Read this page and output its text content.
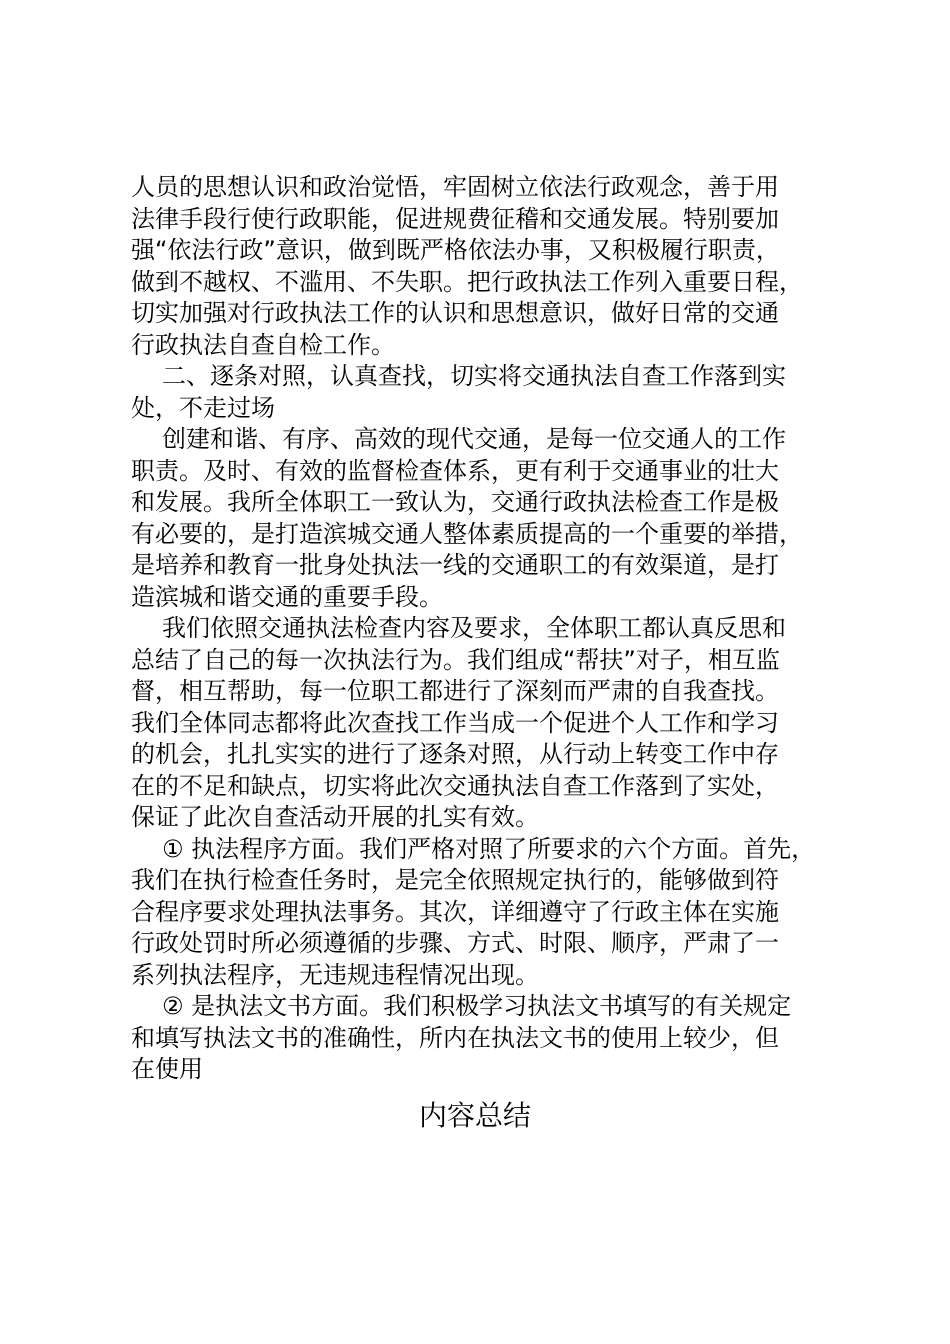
人员的思想认识和政治觉悟，牢固树立依法行政观念，善于用

法律手段行使行政职能，促进规费征稽和交通发展。特别要加

强“依法行政”意识，做到既严格依法办事，又积极履行职责，

做到不越权、不滥用、不失职。把行政执法工作列入重要日程，

切实加强对行政执法工作的认识和思想意识，做好日常的交通

行政执法自查自检工作。

二、逐条对照，认真查找，切实将交通执法自查工作落到实

处，不走过场

创建和谐、有序、高效的现代交通，是每一位交通人的工作

职责。及时、有效的监督检查体系，更有利于交通事业的壮大

和发展。我所全体职工一致认为，交通行政执法检查工作是极

有必要的，是打造滨城交通人整体素质提高的一个重要的举措，

是培养和教育一批身处执法一线的交通职工的有效渠道，是打

造滨城和谐交通的重要手段。

我们依照交通执法检查内容及要求，全体职工都认真反思和

总结了自己的每一次执法行为。我们组成“帮扶”对子，相互监

督，相互帮助，每一位职工都进行了深刻而严肃的自我查找。

我们全体同志都将此次查找工作当成一个促进个人工作和学习

的机会，扎扎实实的进行了逐条对照，从行动上转变工作中存

在的不足和缺点，切实将此次交通执法自查工作落到了实处，

保证了此次自查活动开展的扎实有效。

① 执法程序方面。我们严格对照了所要求的六个方面。首先，

我们在执行检查任务时，是完全依照规定执行的，能够做到符

合程序要求处理执法事务。其次，详细遵守了行政主体在实施

行政处罚时所必须遵循的步骤、方式、时限、顺序，严肃了一

系列执法程序，无违规违程情况出现。

② 是执法文书方面。我们积极学习执法文书填写的有关规定

和填写执法文书的准确性，所内在执法文书的使用上较少，但

在使用

内容总结
